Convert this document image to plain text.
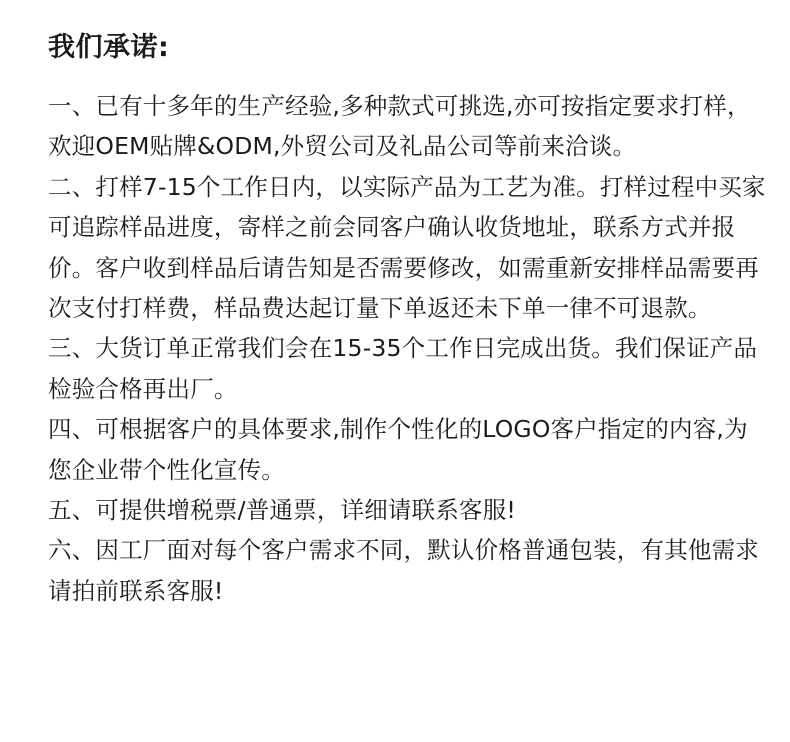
我们承诺:
一、已有十多年的生产经验,多种款式可挑选,亦可按指定要求打样，欢迎OEM贴牌&ODM,外贸公司及礼品公司等前来洽谈。
二、打样7-15个工作日内，以实际产品为工艺为准。打样过程中买家可追踪样品进度，寄样之前会同客户确认收货地址，联系方式并报价。客户收到样品后请告知是否需要修改，如需重新安排样品需要再次支付打样费，样品费达起订量下单返还未下单一律不可退款。
三、大货订单正常我们会在15-35个工作日完成出货。我们保证产品检验合格再出厂。
四、可根据客户的具体要求,制作个性化的LOGO客户指定的内容,为您企业带个性化宣传。
五、可提供增税票/普通票，详细请联系客服!
六、因工厂面对每个客户需求不同，默认价格普通包装，有其他需求请拍前联系客服!
